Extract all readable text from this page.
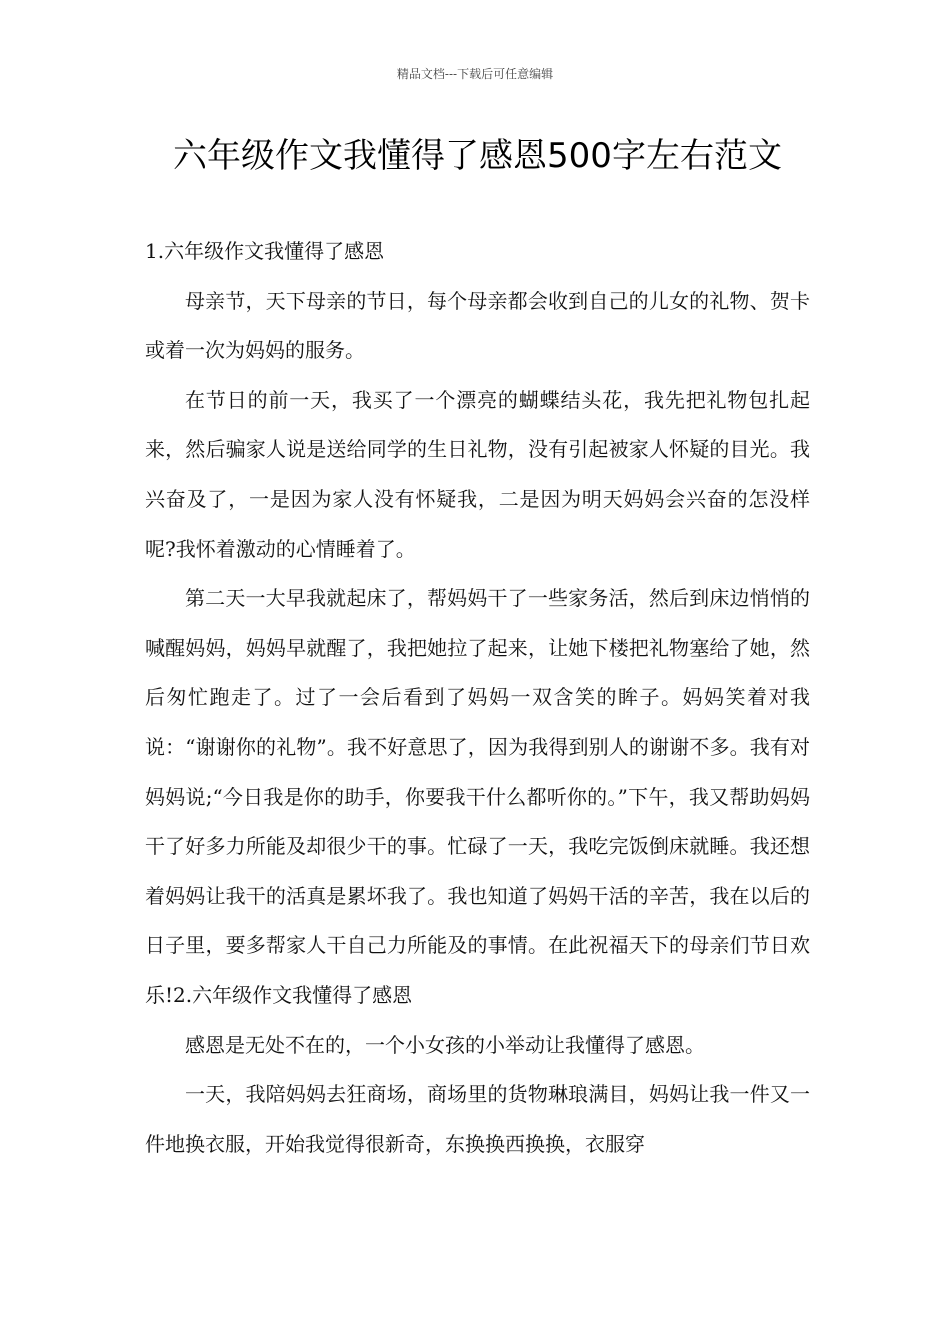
精品文档---下载后可任意编辑
六年级作文我懂得了感恩500字左右范文

1.六年级作文我懂得了感恩

母亲节，天下母亲的节日，每个母亲都会收到自己的儿女的礼物、贺卡或着一次为妈妈的服务。

在节日的前一天，我买了一个漂亮的蝴蝶结头花，我先把礼物包扎起来，然后骗家人说是送给同学的生日礼物，没有引起被家人怀疑的目光。我兴奋及了，一是因为家人没有怀疑我，二是因为明天妈妈会兴奋的怎没样呢?我怀着激动的心情睡着了。

第二天一大早我就起床了，帮妈妈干了一些家务活，然后到床边悄悄的喊醒妈妈，妈妈早就醒了，我把她拉了起来，让她下楼把礼物塞给了她，然后匆忙跑走了。过了一会后看到了妈妈一双含笑的眸子。妈妈笑着对我说：“谢谢你的礼物”。我不好意思了，因为我得到别人的谢谢不多。我有对妈妈说;“今日我是你的助手，你要我干什么都听你的。”下午，我又帮助妈妈干了好多力所能及却很少干的事。忙碌了一天，我吃完饭倒床就睡。我还想着妈妈让我干的活真是累坏我了。我也知道了妈妈干活的辛苦，我在以后的日子里，要多帮家人干自己力所能及的事情。在此祝福天下的母亲们节日欢乐!2.六年级作文我懂得了感恩

感恩是无处不在的，一个小女孩的小举动让我懂得了感恩。

一天，我陪妈妈去狂商场，商场里的货物琳琅满目，妈妈让我一件又一件地换衣服，开始我觉得很新奇，东换换西换换，衣服穿
